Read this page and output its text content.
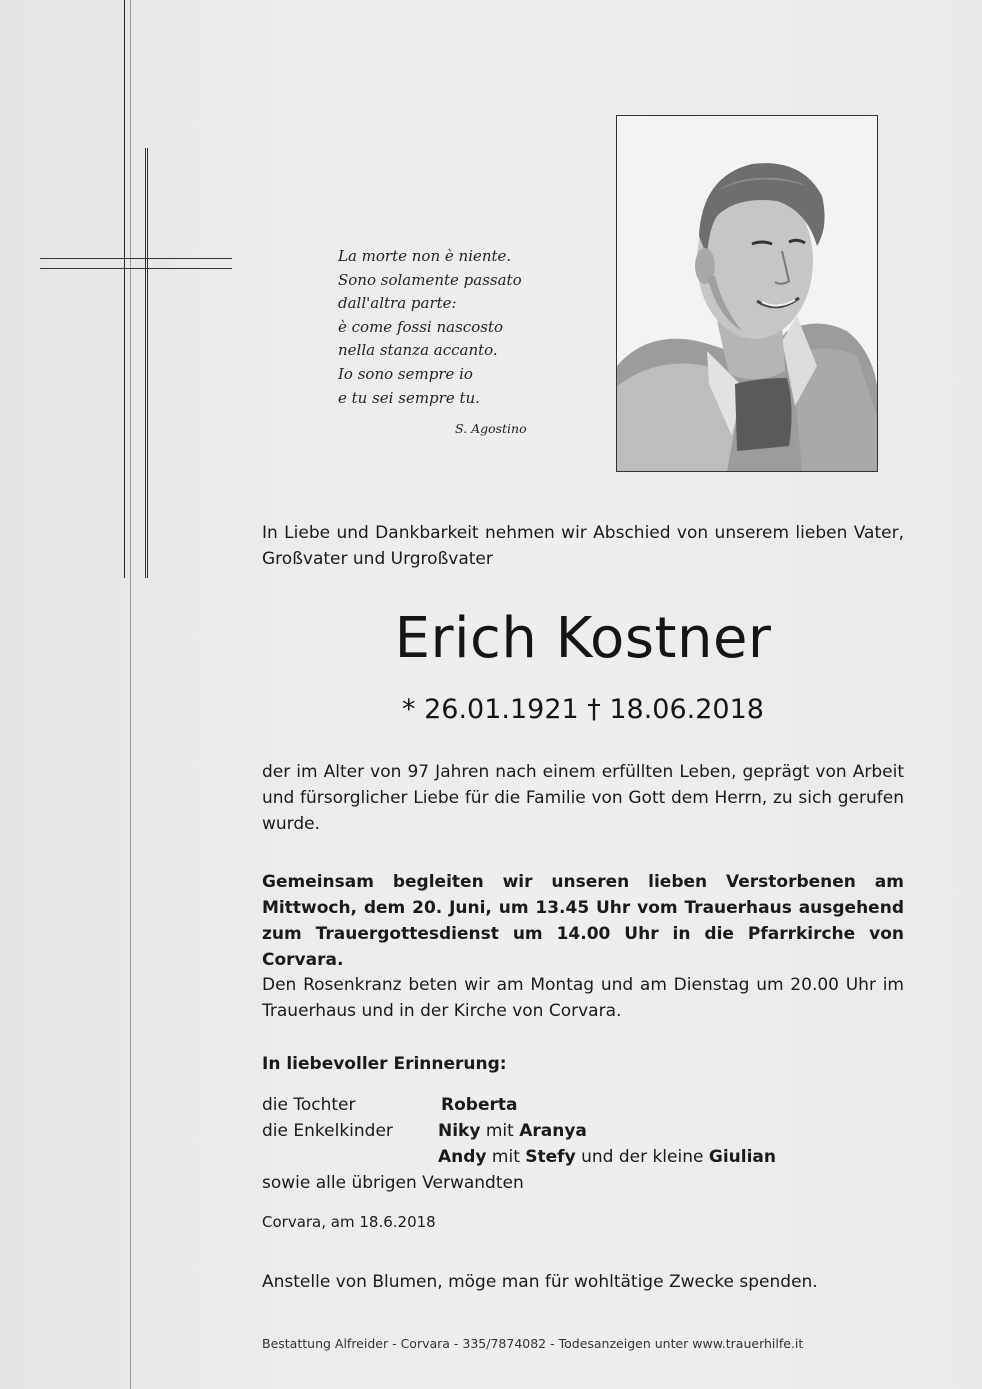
La morte non è niente.
Sono solamente passato
dall'altra parte:
è come fossi nascosto
nella stanza accanto.
Io sono sempre io
e tu sei sempre tu.
S. Agostino
In Liebe und Dankbarkeit nehmen wir Abschied von unserem lieben Vater, Großvater und Urgroßvater
Erich Kostner
* 26.01.1921 † 18.06.2018
der im Alter von 97 Jahren nach einem erfüllten Leben, geprägt von Arbeit und fürsorglicher Liebe für die Familie von Gott dem Herrn, zu sich gerufen wurde.
Gemeinsam begleiten wir unseren lieben Verstorbenen am Mittwoch, dem 20. Juni, um 13.45 Uhr vom Trauerhaus ausgehend zum Trauergottesdienst um 14.00 Uhr in die Pfarrkirche von Corvara.
Den Rosenkranz beten wir am Montag und am Dienstag um 20.00 Uhr im Trauerhaus und in der Kirche von Corvara.
In liebevoller Erinnerung:
die Tochter	Roberta
die Enkelkinder	Niky mit Aranya
Andy mit Stefy und der kleine Giulian
sowie alle übrigen Verwandten
Corvara, am 18.6.2018
Anstelle von Blumen, möge man für wohltätige Zwecke spenden.
Bestattung Alfreider - Corvara - 335/7874082 - Todesanzeigen unter www.trauerhilfe.it
